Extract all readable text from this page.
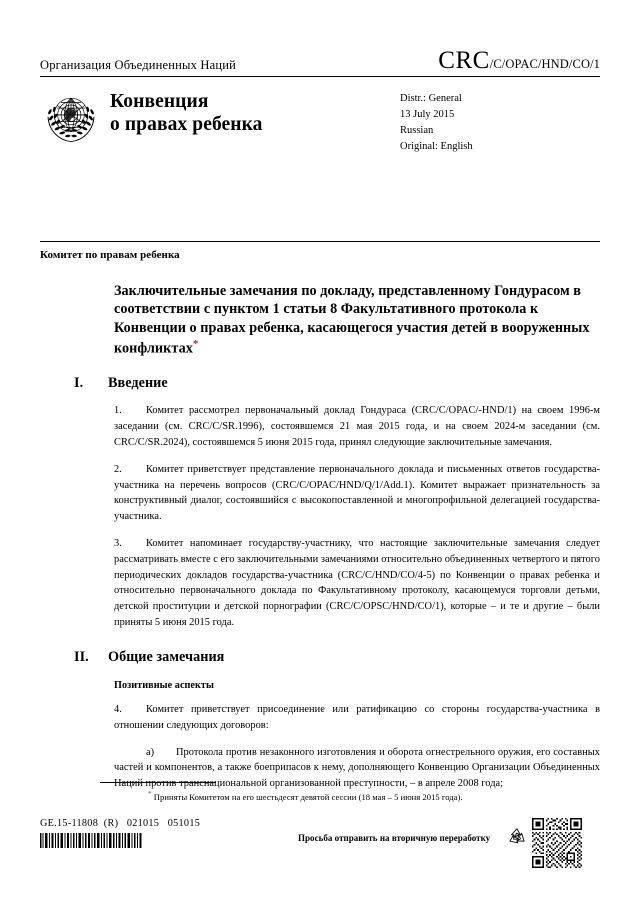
Организация Объединенных Наций	CRC/C/OPAC/HND/CO/1
Конвенция
о правах ребенка
Distr.: General
13 July 2015
Russian
Original: English
Комитет по правам ребенка
Заключительные замечания по докладу, представленному Гондурасом в соответствии с пунктом 1 статьи 8 Факультативного протокола к Конвенции о правах ребенка, касающегося участия детей в вооруженных конфликтах*
I.	Введение

1. Комитет рассмотрел первоначальный доклад Гондураса (CRC/C/OPAC/-HND/1) на своем 1996-м заседании (см. CRC/C/SR.1996), состоявшемся 21 мая 2015 года, и на своем 2024-м заседании (см. CRC/C/SR.2024), состоявшемся 5 июня 2015 года, принял следующие заключительные замечания.

2. Комитет приветствует представление первоначального доклада и письменных ответов государства-участника на перечень вопросов (CRC/C/OPAC/HND/Q/1/Add.1). Комитет выражает признательность за конструктивный диалог, состоявшийся с высокопоставленной и многопрофильной делегацией государства-участника.

3. Комитет напоминает государству-участнику, что настоящие заключительные замечания следует рассматривать вместе с его заключительными замечаниями относительно объединенных четвертого и пятого периодических докладов государства-участника (CRC/C/HND/CO/4-5) по Конвенции о правах ребенка и относительно первоначального доклада по Факультативному протоколу, касающемуся торговли детьми, детской проституции и детской порнографии (CRC/C/OPSC/HND/CO/1), которые – и те и другие – были приняты 5 июня 2015 года.

II.	Общие замечания
Позитивные аспекты

4. Комитет приветствует присоединение или ратификацию со стороны государства-участника в отношении следующих договоров:

a) Протокола против незаконного изготовления и оборота огнестрельного оружия, его составных частей и компонентов, а также боеприпасов к нему, дополняющего Конвенцию Организации Объединенных Наций против транснациональной организованной преступности, – в апреле 2008 года;

* Приняты Комитетом на его шестьдесят девятой сессии (18 мая – 5 июня 2015 года).
GE.15-11808  (R) 021015 051015
Просьба отправить на вторичную переработку
